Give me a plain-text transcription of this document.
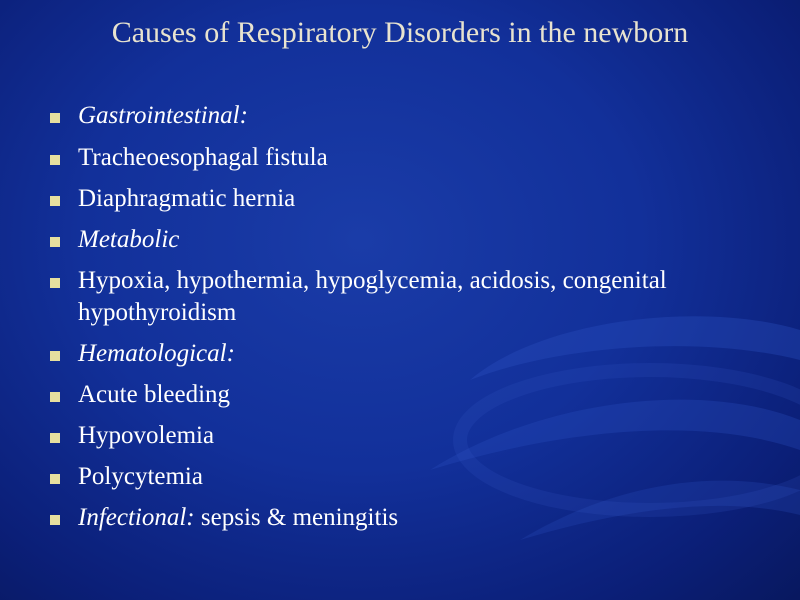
Causes of Respiratory Disorders in the newborn
Gastrointestinal:
Tracheoesophagal fistula
Diaphragmatic hernia
Metabolic
Hypoxia, hypothermia, hypoglycemia, acidosis, congenital hypothyroidism
Hematological:
Acute bleeding
Hypovolemia
Polycytemia
Infectional: sepsis & meningitis
